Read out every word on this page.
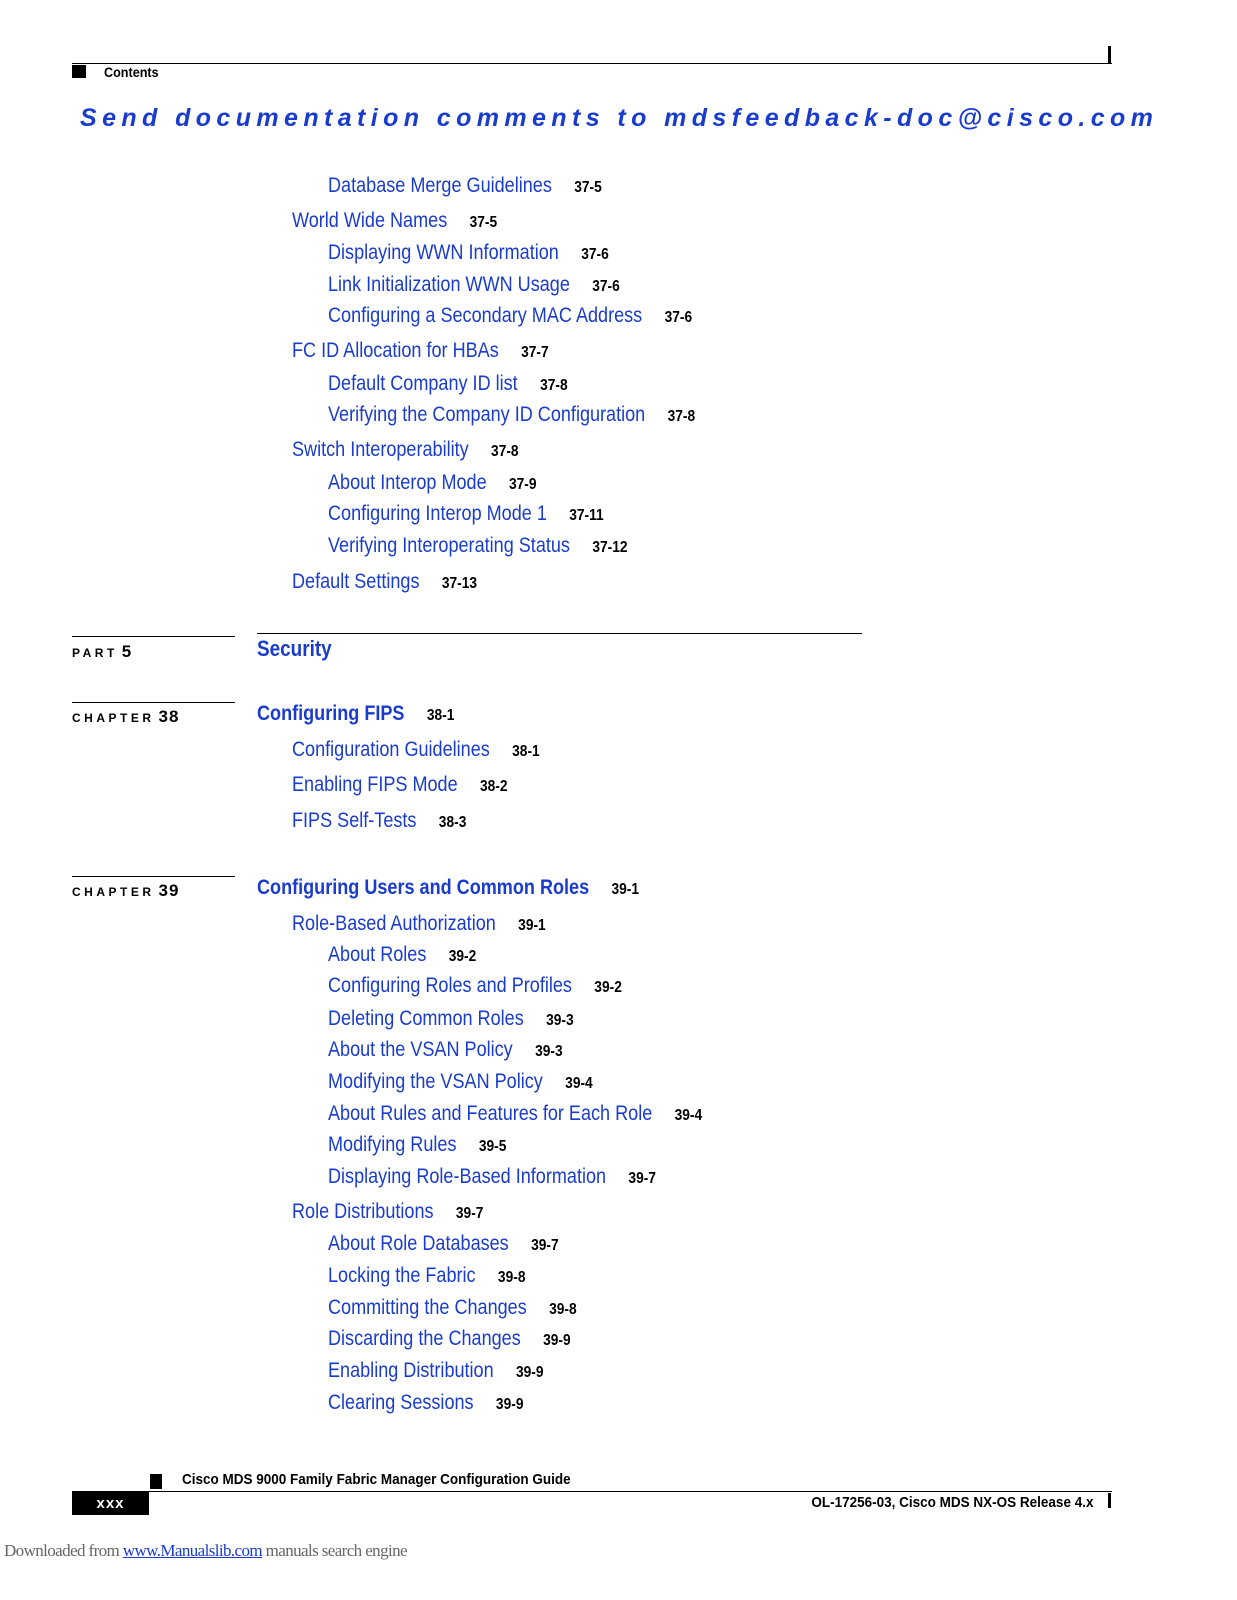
Contents
Send documentation comments to mdsfeedback-doc@cisco.com
Database Merge Guidelines 37-5
World Wide Names 37-5
Displaying WWN Information 37-6
Link Initialization WWN Usage 37-6
Configuring a Secondary MAC Address 37-6
FC ID Allocation for HBAs 37-7
Default Company ID list 37-8
Verifying the Company ID Configuration 37-8
Switch Interoperability 37-8
About Interop Mode 37-9
Configuring Interop Mode 1 37-11
Verifying Interoperating Status 37-12
Default Settings 37-13
PART 5	Security
CHAPTER 38	Configuring FIPS 38-1
Configuration Guidelines 38-1
Enabling FIPS Mode 38-2
FIPS Self-Tests 38-3
CHAPTER 39	Configuring Users and Common Roles 39-1
Role-Based Authorization 39-1
About Roles 39-2
Configuring Roles and Profiles 39-2
Deleting Common Roles 39-3
About the VSAN Policy 39-3
Modifying the VSAN Policy 39-4
About Rules and Features for Each Role 39-4
Modifying Rules 39-5
Displaying Role-Based Information 39-7
Role Distributions 39-7
About Role Databases 39-7
Locking the Fabric 39-8
Committing the Changes 39-8
Discarding the Changes 39-9
Enabling Distribution 39-9
Clearing Sessions 39-9
Cisco MDS 9000 Family Fabric Manager Configuration Guide
xxx	OL-17256-03, Cisco MDS NX-OS Release 4.x
Downloaded from www.Manualslib.com manuals search engine
